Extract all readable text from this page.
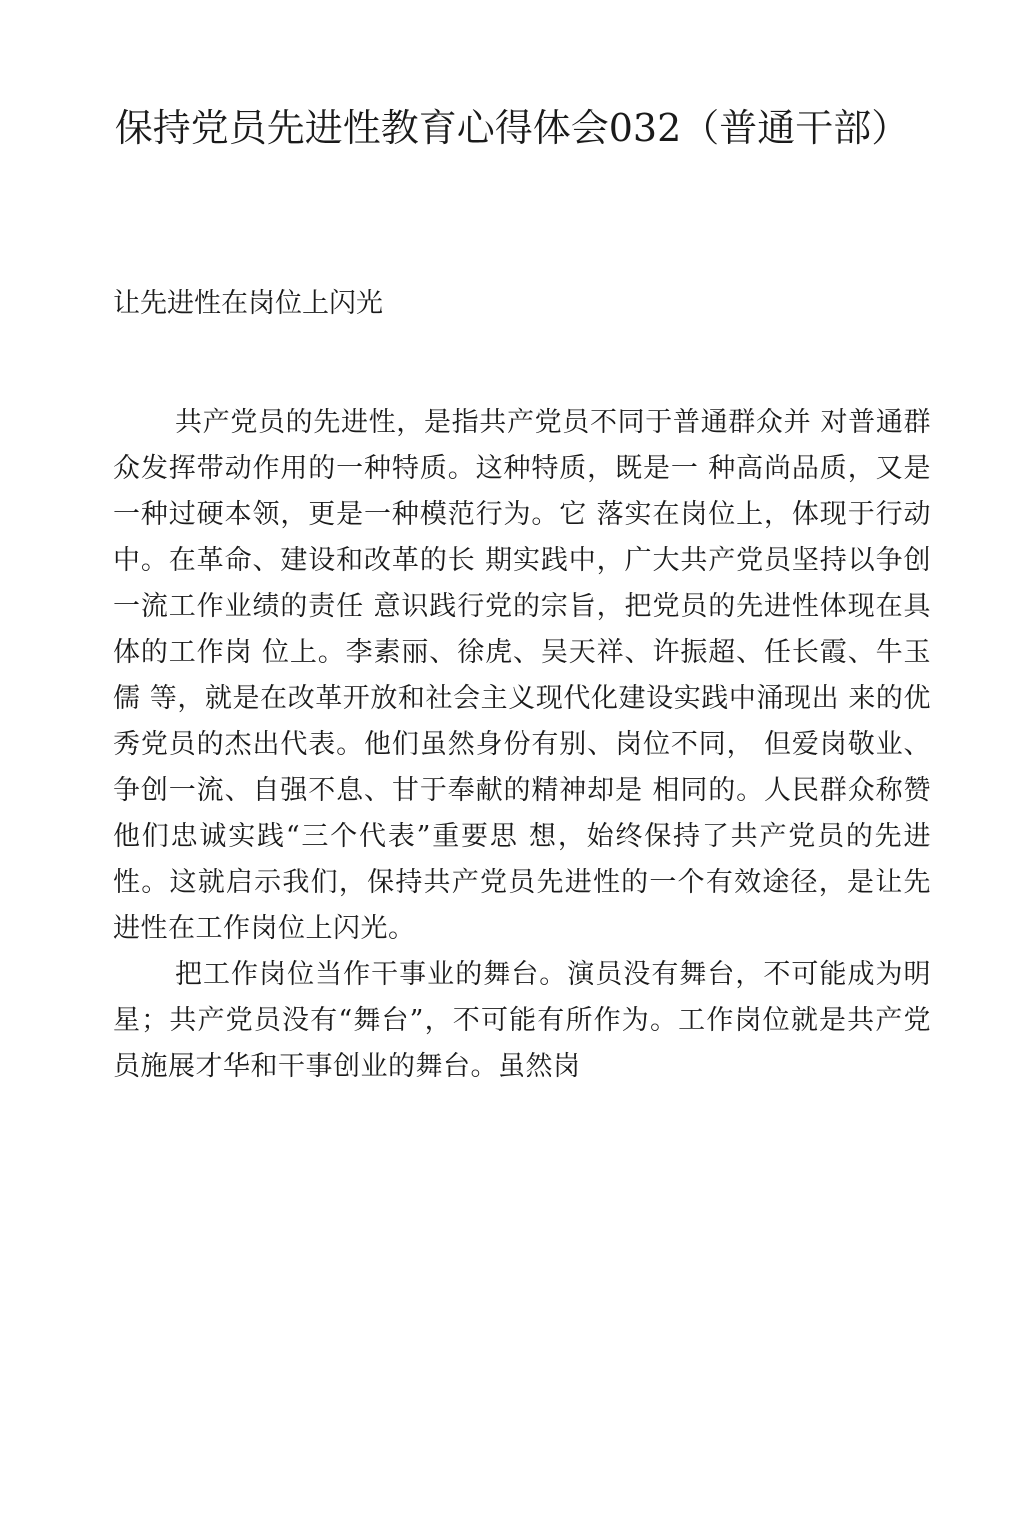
保持党员先进性教育心得体会032（普通干部）

让先进性在岗位上闪光

共产党员的先进性，是指共产党员不同于普通群众并 对普通群众发挥带动作用的一种特质。这种特质，既是一 种高尚品质，又是一种过硬本领，更是一种模范行为。它 落实在岗位上，体现于行动中。在革命、建设和改革的长 期实践中，广大共产党员坚持以争创一流工作业绩的责任 意识践行党的宗旨，把党员的先进性体现在具体的工作岗 位上。李素丽、徐虎、吴天祥、许振超、任长霞、牛玉儒 等，就是在改革开放和社会主义现代化建设实践中涌现出 来的优秀党员的杰出代表。他们虽然身份有别、岗位不同， 但爱岗敬业、争创一流、自强不息、甘于奉献的精神却是 相同的。人民群众称赞他们忠诚实践“三个代表”重要思 想，始终保持了共产党员的先进性。这就启示我们，保持共产党员先进性的一个有效途径，是让先进性在工作岗位上闪光。

把工作岗位当作干事业的舞台。演员没有舞台，不可能成为明星；共产党员没有“舞台”，不可能有所作为。工作岗位就是共产党员施展才华和干事创业的舞台。虽然岗
